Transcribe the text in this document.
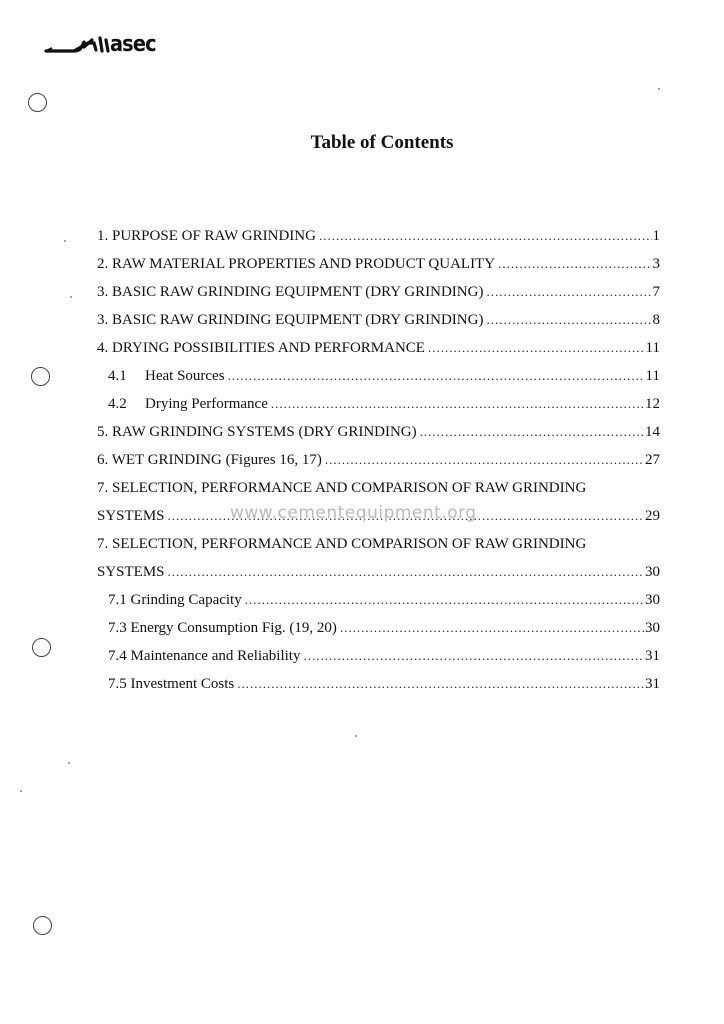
asec
Table of Contents
1. PURPOSE OF RAW GRINDING .....	1
2. RAW MATERIAL PROPERTIES AND PRODUCT QUALITY .....	3
3. BASIC RAW GRINDING EQUIPMENT (DRY GRINDING) .....	7
3. BASIC RAW GRINDING EQUIPMENT (DRY GRINDING) .....	8
4. DRYING POSSIBILITIES AND PERFORMANCE .....	11
4.1 Heat Sources .....	11
4.2 Drying Performance .....	12
5. RAW GRINDING SYSTEMS (DRY GRINDING) .....	14
6. WET GRINDING (Figures 16, 17) .....	27
7. SELECTION, PERFORMANCE AND COMPARISON OF RAW GRINDING
SYSTEMS .....	29
7. SELECTION, PERFORMANCE AND COMPARISON OF RAW GRINDING
SYSTEMS .....	30
7.1 Grinding Capacity .....	30
7.3 Energy Consumption Fig. (19, 20) .....	30
7.4 Maintenance and Reliability .....	31
7.5 Investment Costs .....	31
www.cementequipment.org
